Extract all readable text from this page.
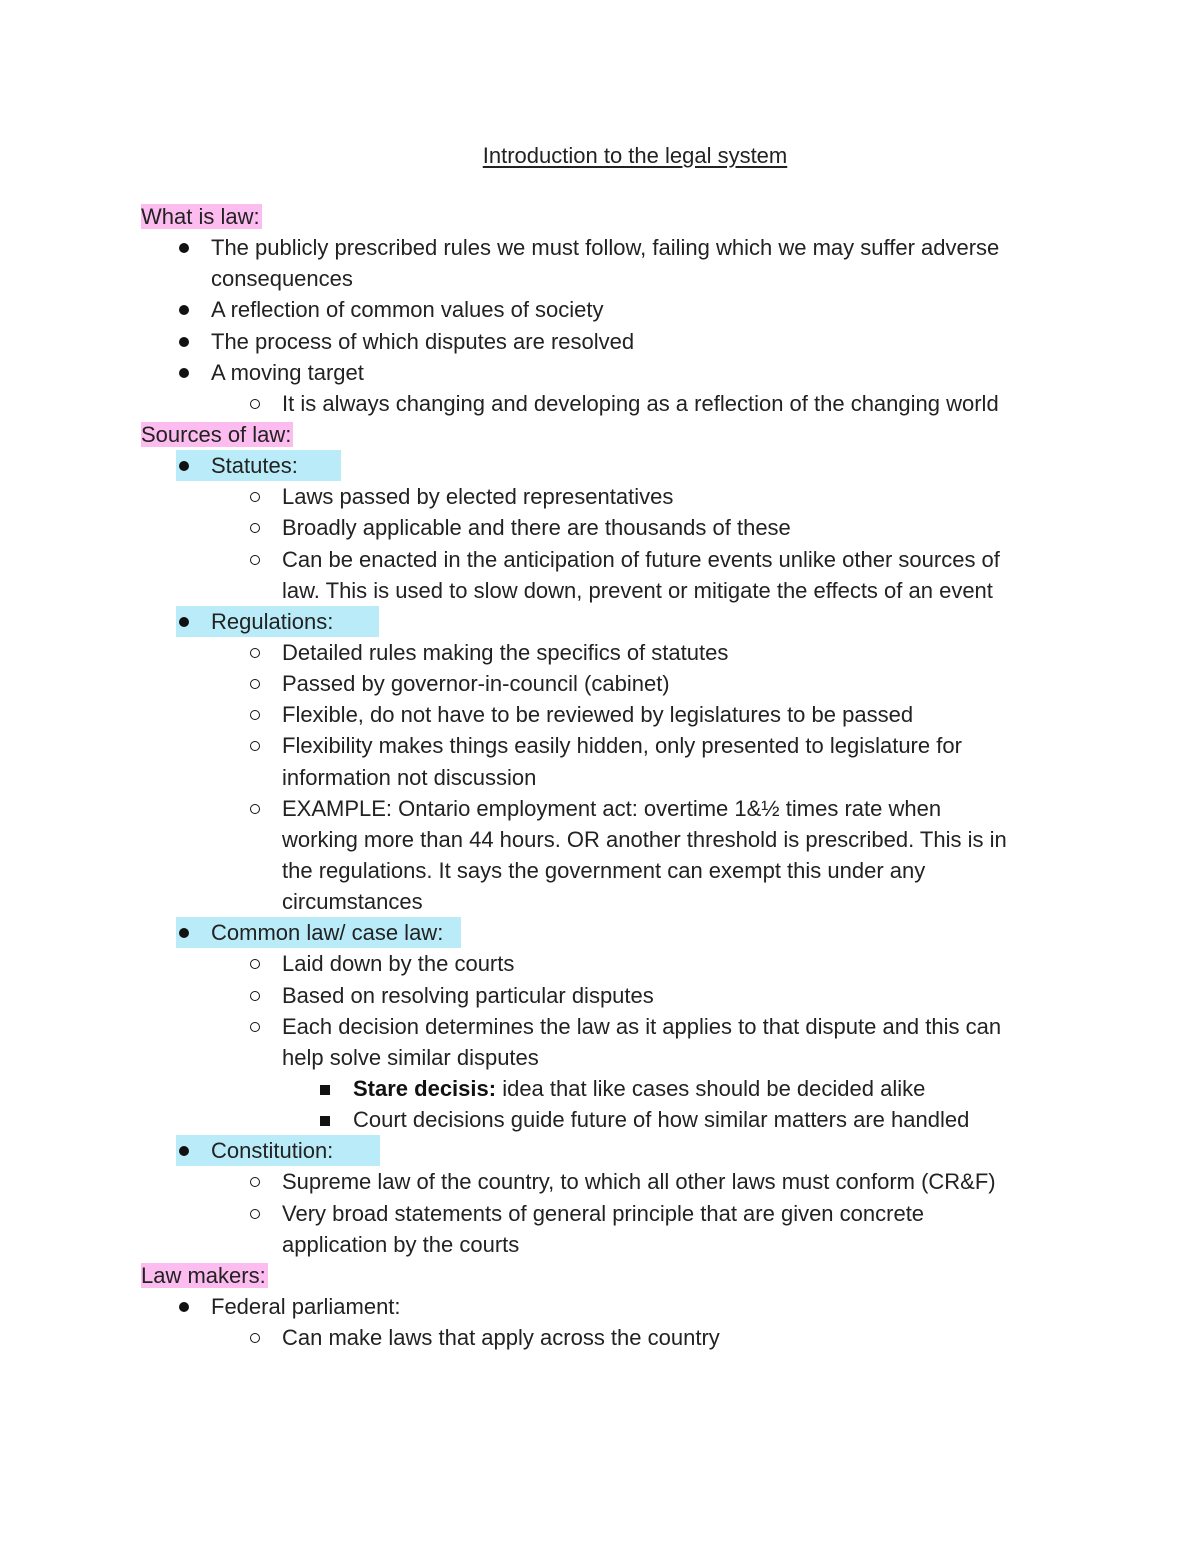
Introduction to the legal system
What is law:
The publicly prescribed rules we must follow, failing which we may suffer adverse
consequences
A reflection of common values of society
The process of which disputes are resolved
A moving target
It is always changing and developing as a reflection of the changing world
Sources of law:
Statutes:
Laws passed by elected representatives
Broadly applicable and there are thousands of these
Can be enacted in the anticipation of future events unlike other sources of
law. This is used to slow down, prevent or mitigate the effects of an event
Regulations:
Detailed rules making the specifics of statutes
Passed by governor-in-council (cabinet)
Flexible, do not have to be reviewed by legislatures to be passed
Flexibility makes things easily hidden, only presented to legislature for
information not discussion
EXAMPLE: Ontario employment act: overtime 1&½ times rate when
working more than 44 hours. OR another threshold is prescribed. This is in
the regulations. It says the government can exempt this under any
circumstances
Common law/ case law:
Laid down by the courts
Based on resolving particular disputes
Each decision determines the law as it applies to that dispute and this can
help solve similar disputes
Stare decisis: idea that like cases should be decided alike
Court decisions guide future of how similar matters are handled
Constitution:
Supreme law of the country, to which all other laws must conform (CR&F)
Very broad statements of general principle that are given concrete
application by the courts
Law makers:
Federal parliament:
Can make laws that apply across the country
